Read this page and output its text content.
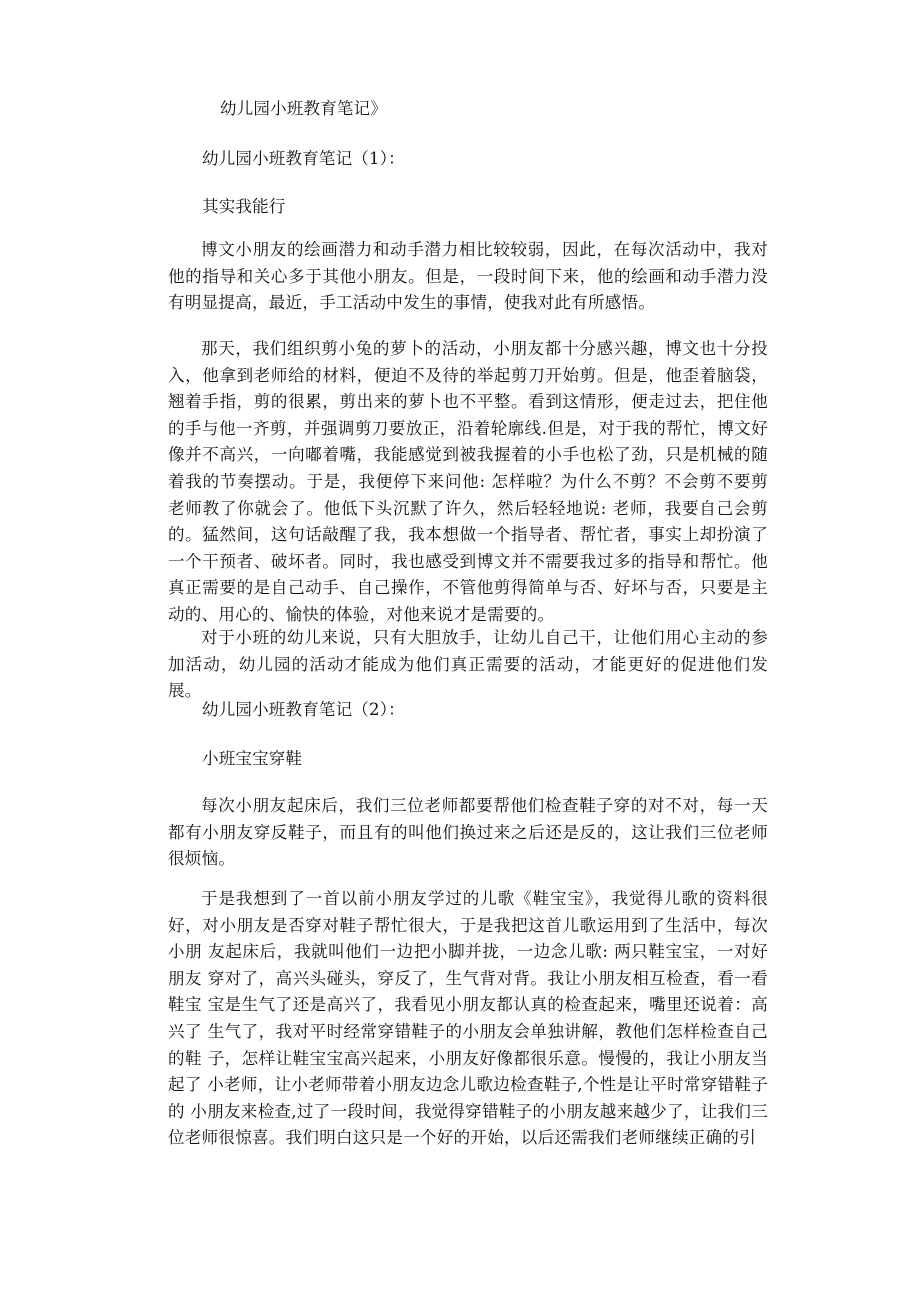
幼儿园小班教育笔记》
幼儿园小班教育笔记（1）：
其实我能行
博文小朋友的绘画潜力和动手潜力相比较较弱，因此，在每次活动中，我对他的指导和关心多于其他小朋友。但是，一段时间下来，他的绘画和动手潜力没有明显提高，最近，手工活动中发生的事情，使我对此有所感悟。
那天，我们组织剪小兔的萝卜的活动，小朋友都十分感兴趣，博文也十分投入，他拿到老师给的材料，便迫不及待的举起剪刀开始剪。但是，他歪着脑袋， 翘着手指，剪的很累，剪出来的萝卜也不平整。看到这情形，便走过去，把住他 的手与他一齐剪，并强调剪刀要放正，沿着轮廓线.但是，对于我的帮忙，博文好 像并不高兴，一向嘟着嘴，我能感觉到被我握着的小手也松了劲，只是机械的随 着我的节奏摆动。于是，我便停下来问他: 怎样啦？为什么不剪？不会剪不要剪 老师教了你就会了。他低下头沉默了许久，然后轻轻地说: 老师，我要自己会剪 的。猛然间，这句话敲醒了我，我本想做一个指导者、帮忙者，事实上却扮演了 一个干预者、破坏者。同时，我也感受到博文并不需要我过多的指导和帮忙。他 真正需要的是自己动手、自己操作，不管他剪得简单与否、好坏与否，只要是主 动的、用心的、愉快的体验，对他来说才是需要的。
对于小班的幼儿来说，只有大胆放手，让幼儿自己干，让他们用心主动的参加活动，幼儿园的活动才能成为他们真正需要的活动，才能更好的促进他们发展。
幼儿园小班教育笔记（2）：
小班宝宝穿鞋
每次小朋友起床后，我们三位老师都要帮他们检查鞋子穿的对不对，每一天 都有小朋友穿反鞋子，而且有的叫他们换过来之后还是反的，这让我们三位老师 很烦恼。
于是我想到了一首以前小朋友学过的儿歌《鞋宝宝》，我觉得儿歌的资料很好，对小朋友是否穿对鞋子帮忙很大，于是我把这首儿歌运用到了生活中，每次小朋 友起床后，我就叫他们一边把小脚并拢，一边念儿歌: 两只鞋宝宝，一对好朋友 穿对了，高兴头碰头，穿反了，生气背对背。我让小朋友相互检查，看一看鞋宝 宝是生气了还是高兴了，我看见小朋友都认真的检查起来，嘴里还说着：高兴了 生气了，我对平时经常穿错鞋子的小朋友会单独讲解，教他们怎样检查自己的鞋 子，怎样让鞋宝宝高兴起来，小朋友好像都很乐意。慢慢的，我让小朋友当起了 小老师，让小老师带着小朋友边念儿歌边检查鞋子,个性是让平时常穿错鞋子的 小朋友来检查,过了一段时间，我觉得穿错鞋子的小朋友越来越少了，让我们三 位老师很惊喜。我们明白这只是一个好的开始，以后还需我们老师继续正确的引
